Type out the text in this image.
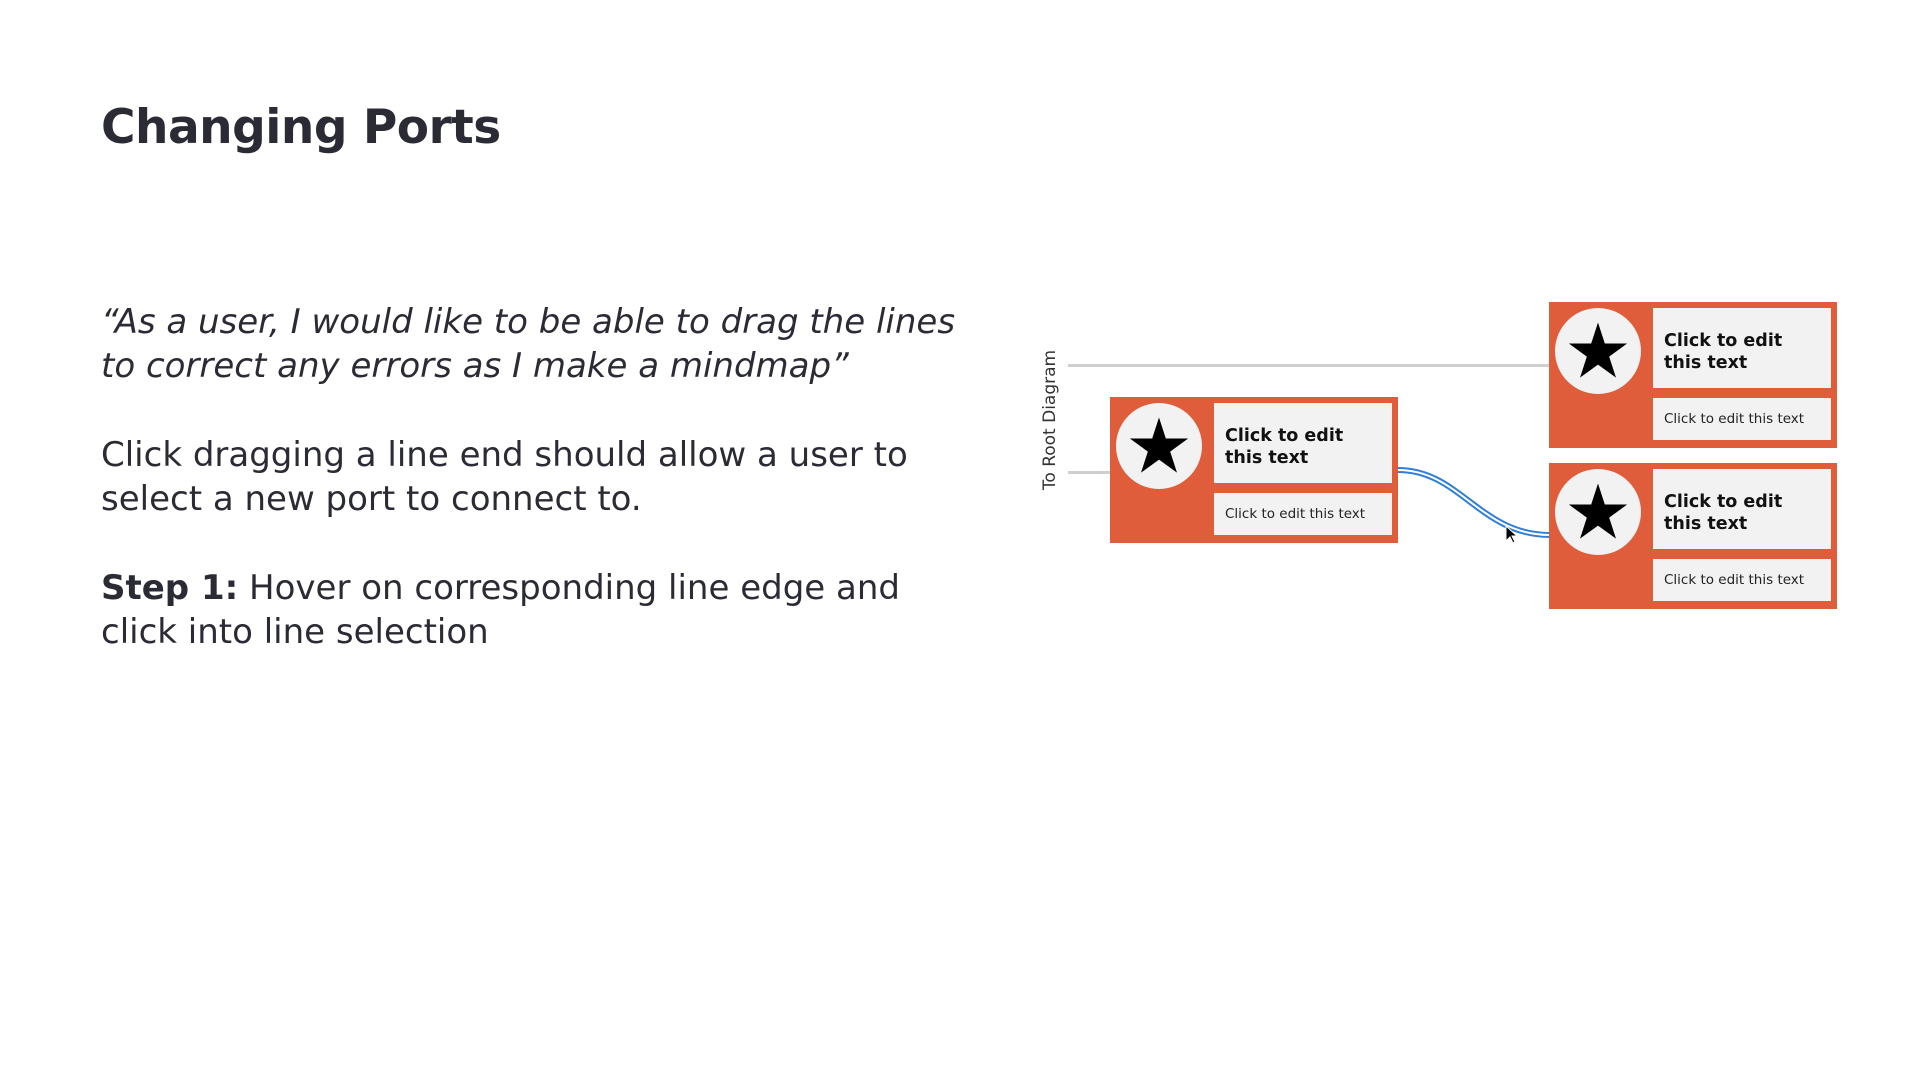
Changing Ports

“As a user, I would like to be able to drag the lines to correct any errors as I make a mindmap”

Click dragging a line end should allow a user to select a new port to connect to.

Step 1: Hover on corresponding line edge and click into line selection

To Root Diagram	Click to edit this text
Click to edit this text
Click to edit this text
Click to edit this text
Click to edit this text
Click to edit this text
